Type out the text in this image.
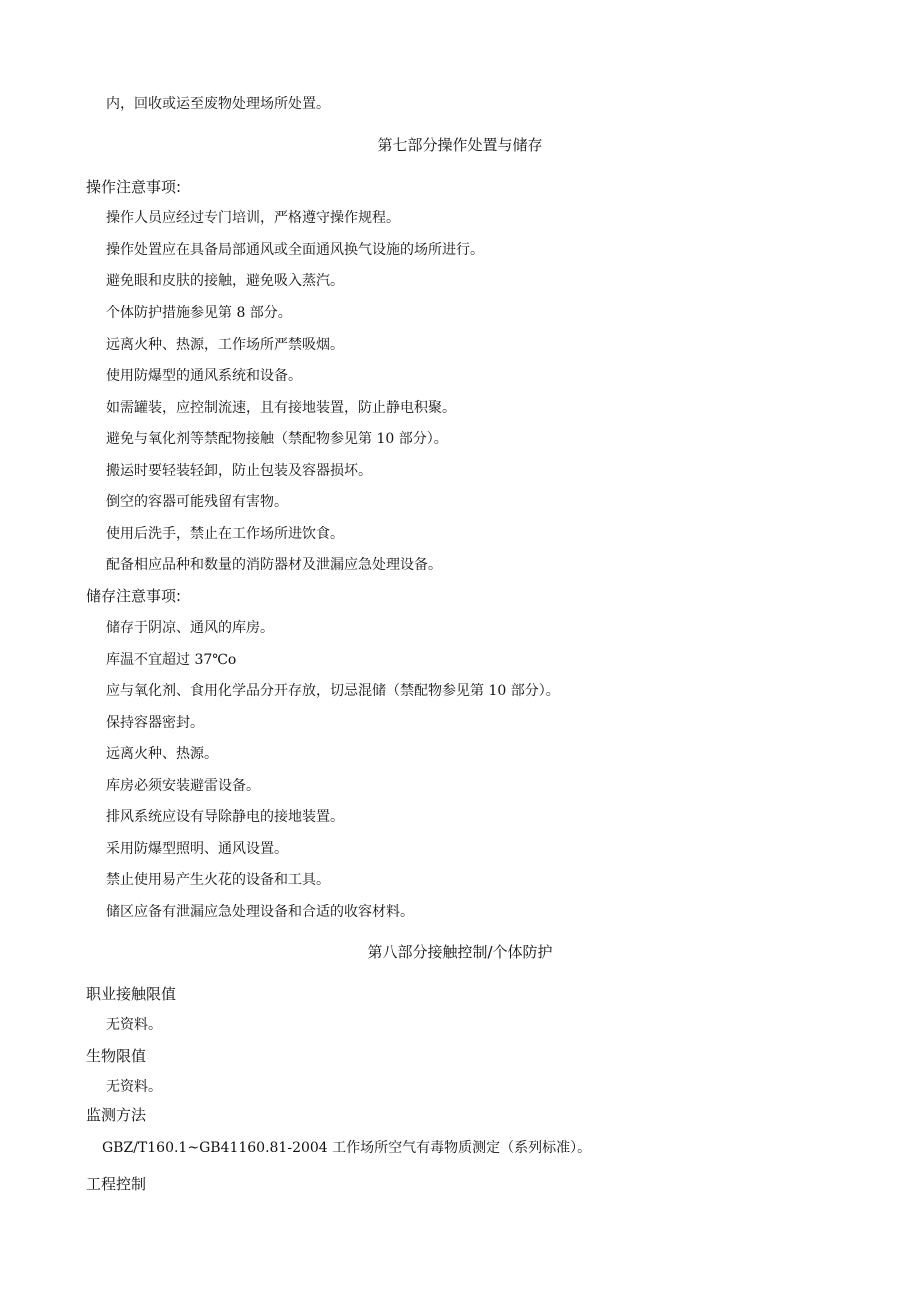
内，回收或运至废物处理场所处置。
第七部分操作处置与储存
操作注意事项:
操作人员应经过专门培训，严格遵守操作规程。
操作处置应在具备局部通风或全面通风换气设施的场所进行。
避免眼和皮肤的接触，避免吸入蒸汽。
个体防护措施参见第 8 部分。
远离火种、热源，工作场所严禁吸烟。
使用防爆型的通风系统和设备。
如需罐装，应控制流速，且有接地装置，防止静电积聚。
避免与氧化剂等禁配物接触（禁配物参见第 10 部分）。
搬运时要轻装轻卸，防止包装及容器损坏。
倒空的容器可能残留有害物。
使用后洗手，禁止在工作场所进饮食。
配备相应品种和数量的消防器材及泄漏应急处理设备。
储存注意事项:
储存于阴凉、通风的库房。
库温不宜超过 37℃o
应与氧化剂、食用化学品分开存放，切忌混储（禁配物参见第 10 部分）。
保持容器密封。
远离火种、热源。
库房必须安装避雷设备。
排风系统应设有导除静电的接地装置。
采用防爆型照明、通风设置。
禁止使用易产生火花的设备和工具。
储区应备有泄漏应急处理设备和合适的收容材料。
第八部分接触控制/个体防护
职业接触限值
无资料。
生物限值
无资料。
监测方法
GBZ/T160.1~GB41160.81-2004 工作场所空气有毒物质测定（系列标准）。
工程控制
